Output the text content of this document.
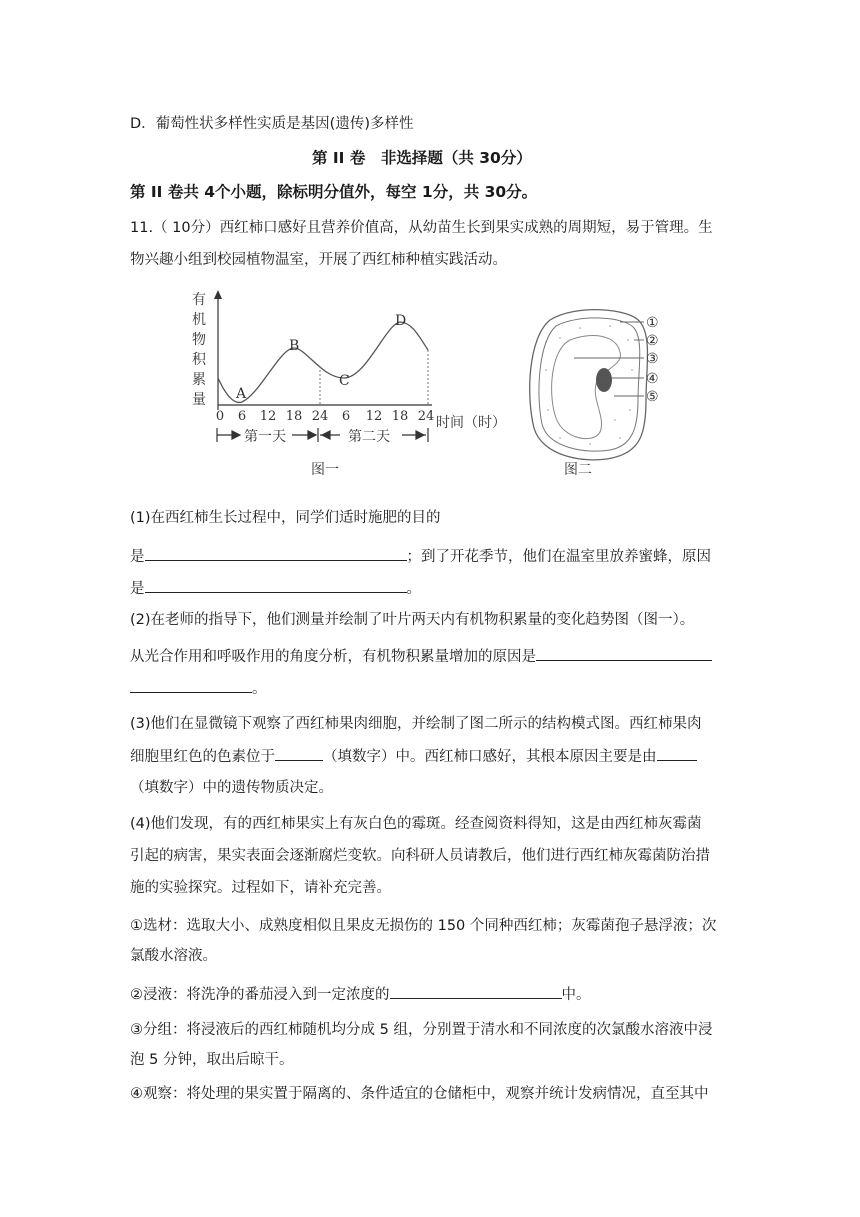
D．葡萄性状多样性实质是基因(遗传)多样性
第 II 卷　非选择题（共 30分）
第 II 卷共 4个小题，除标明分值外，每空 1分，共 30分。
11.（ 10分）西红柿口感好且营养价值高，从幼苗生长到果实成熟的周期短，易于管理。生
物兴趣小组到校园植物温室，开展了西红柿种植实践活动。
有
机
物
积
累
量 A
B
C
D
0 6 12 18 24 6 12 18 24 时间（时）
第一天	第二天
图一
①
②
③
④
⑤
图二
(1)在西红柿生长过程中，同学们适时施肥的目的
是	；到了开花季节，他们在温室里放养蜜蜂，原因
是	。
(2)在老师的指导下，他们测量并绘制了叶片两天内有机物积累量的变化趋势图（图一）。
从光合作用和呼吸作用的角度分析，有机物积累量增加的原因是
。
(3)他们在显微镜下观察了西红柿果肉细胞，并绘制了图二所示的结构模式图。西红柿果肉
细胞里红色的色素位于	（填数字）中。西红柿口感好，其根本原因主要是由
（填数字）中的遗传物质决定。
(4)他们发现，有的西红柿果实上有灰白色的霉斑。经查阅资料得知，这是由西红柿灰霉菌
引起的病害，果实表面会逐渐腐烂变软。向科研人员请教后，他们进行西红柿灰霉菌防治措
施的实验探究。过程如下，请补充完善。
①选材：选取大小、成熟度相似且果皮无损伤的 150 个同种西红柿；灰霉菌孢子悬浮液；次
氯酸水溶液。
②浸液：将洗净的番茄浸入到一定浓度的	中。
③分组：将浸液后的西红柿随机均分成 5 组，分别置于清水和不同浓度的次氯酸水溶液中浸
泡 5 分钟，取出后晾干。
④观察：将处理的果实置于隔离的、条件适宜的仓储柜中，观察并统计发病情况，直至其中
